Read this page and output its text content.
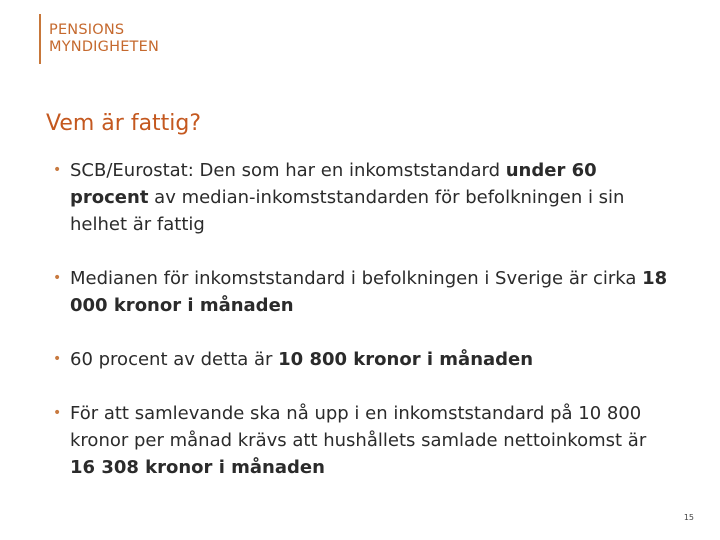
PENSIONS
MYNDIGHETEN
Vem är fattig?
• SCB/Eurostat: Den som har en inkomststandard under 60 procent av median-inkomststandarden för befolkningen i sin helhet är fattig
• Medianen för inkomststandard i befolkningen i Sverige är cirka 18 000 kronor i månaden
• 60 procent av detta är 10 800 kronor i månaden
• För att samlevande ska nå upp i en inkomststandard på 10 800 kronor per månad krävs att hushållets samlade nettoinkomst är 16 308 kronor i månaden
15
